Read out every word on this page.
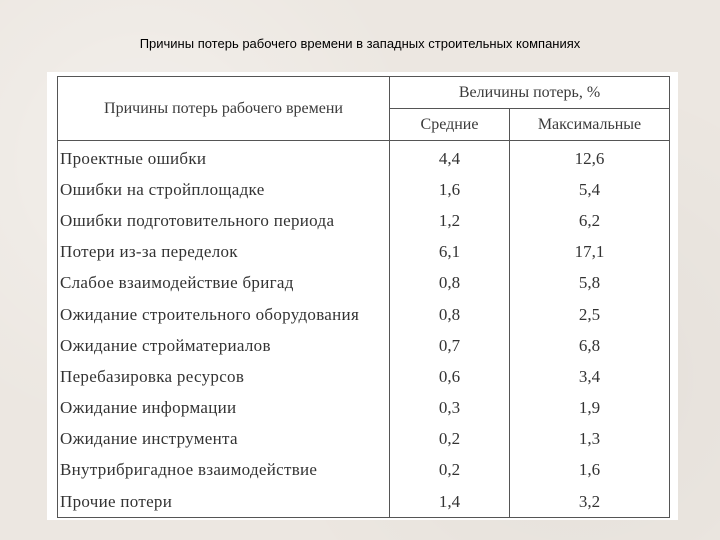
Причины потерь рабочего времени в западных строительных компаниях
Причины потерь рабочего времени	Величины потерь, %	
	Средние	Максимальные
Проектные ошибки	4,4	12,6
Ошибки на стройплощадке	1,6	5,4
Ошибки подготовительного периода	1,2	6,2
Потери из-за переделок	6,1	17,1
Слабое взаимодействие бригад	0,8	5,8
Ожидание строительного оборудования	0,8	2,5
Ожидание стройматериалов	0,7	6,8
Перебазировка ресурсов	0,6	3,4
Ожидание информации	0,3	1,9
Ожидание инструмента	0,2	1,3
Внутрибригадное взаимодействие	0,2	1,6
Прочие потери	1,4	3,2
